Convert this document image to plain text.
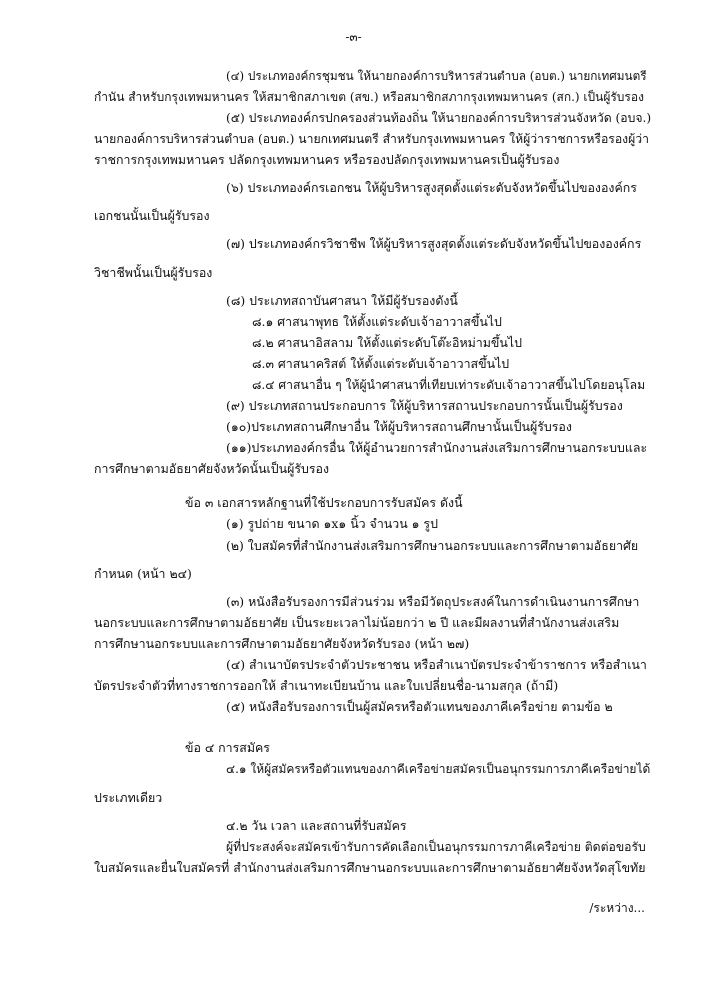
-๓-
(๔) ประเภทองค์กรชุมชน ให้นายกองค์การบริหารส่วนตำบล (อบต.) นายกเทศมนตรี
กำนัน สำหรับกรุงเทพมหานคร ให้สมาชิกสภาเขต (สข.) หรือสมาชิกสภากรุงเทพมหานคร (สก.) เป็นผู้รับรอง
(๕) ประเภทองค์กรปกครองส่วนท้องถิ่น ให้นายกองค์การบริหารส่วนจังหวัด (อบจ.)
นายกองค์การบริหารส่วนตำบล (อบต.) นายกเทศมนตรี สำหรับกรุงเทพมหานคร ให้ผู้ว่าราชการหรือรองผู้ว่า
ราชการกรุงเทพมหานคร ปลัดกรุงเทพมหานคร หรือรองปลัดกรุงเทพมหานครเป็นผู้รับรอง
(๖) ประเภทองค์กรเอกชน ให้ผู้บริหารสูงสุดตั้งแต่ระดับจังหวัดขึ้นไปขององค์กร
เอกชนนั้นเป็นผู้รับรอง
(๗) ประเภทองค์กรวิชาชีพ ให้ผู้บริหารสูงสุดตั้งแต่ระดับจังหวัดขึ้นไปขององค์กร
วิชาชีพนั้นเป็นผู้รับรอง
(๘) ประเภทสถาบันศาสนา ให้มีผู้รับรองดังนี้
๘.๑ ศาสนาพุทธ ให้ตั้งแต่ระดับเจ้าอาวาสขึ้นไป
๘.๒ ศาสนาอิสลาม ให้ตั้งแต่ระดับโต๊ะอิหม่ามขึ้นไป
๘.๓ ศาสนาคริสต์ ให้ตั้งแต่ระดับเจ้าอาวาสขึ้นไป
๘.๔ ศาสนาอื่น ๆ ให้ผู้นำศาสนาที่เทียบเท่าระดับเจ้าอาวาสขึ้นไปโดยอนุโลม
(๙) ประเภทสถานประกอบการ ให้ผู้บริหารสถานประกอบการนั้นเป็นผู้รับรอง
(๑๐)ประเภทสถานศึกษาอื่น ให้ผู้บริหารสถานศึกษานั้นเป็นผู้รับรอง
(๑๑)ประเภทองค์กรอื่น ให้ผู้อำนวยการสำนักงานส่งเสริมการศึกษานอกระบบและ
การศึกษาตามอัธยาศัยจังหวัดนั้นเป็นผู้รับรอง
ข้อ ๓ เอกสารหลักฐานที่ใช้ประกอบการรับสมัคร ดังนี้
(๑) รูปถ่าย ขนาด ๑x๑ นิ้ว จำนวน ๑ รูป
(๒) ใบสมัครที่สำนักงานส่งเสริมการศึกษานอกระบบและการศึกษาตามอัธยาศัย
กำหนด (หน้า ๒๔)
(๓) หนังสือรับรองการมีส่วนร่วม หรือมีวัตถุประสงค์ในการดำเนินงานการศึกษา
นอกระบบและการศึกษาตามอัธยาศัย เป็นระยะเวลาไม่น้อยกว่า ๒ ปี และมีผลงานที่สำนักงานส่งเสริม
การศึกษานอกระบบและการศึกษาตามอัธยาศัยจังหวัดรับรอง (หน้า ๒๗)
(๔) สำเนาบัตรประจำตัวประชาชน หรือสำเนาบัตรประจำข้าราชการ หรือสำเนา
บัตรประจำตัวที่ทางราชการออกให้ สำเนาทะเบียนบ้าน และใบเปลี่ยนชื่อ-นามสกุล (ถ้ามี)
(๕) หนังสือรับรองการเป็นผู้สมัครหรือตัวแทนของภาคีเครือข่าย ตามข้อ ๒
ข้อ ๔ การสมัคร
๔.๑ ให้ผู้สมัครหรือตัวแทนของภาคีเครือข่ายสมัครเป็นอนุกรรมการภาคีเครือข่ายได้
ประเภทเดียว
๔.๒ วัน เวลา และสถานที่รับสมัคร
ผู้ที่ประสงค์จะสมัครเข้ารับการคัดเลือกเป็นอนุกรรมการภาคีเครือข่าย ติดต่อขอรับ
ใบสมัครและยื่นใบสมัครที่ สำนักงานส่งเสริมการศึกษานอกระบบและการศึกษาตามอัธยาศัยจังหวัดสุโขทัย
/ระหว่าง...
